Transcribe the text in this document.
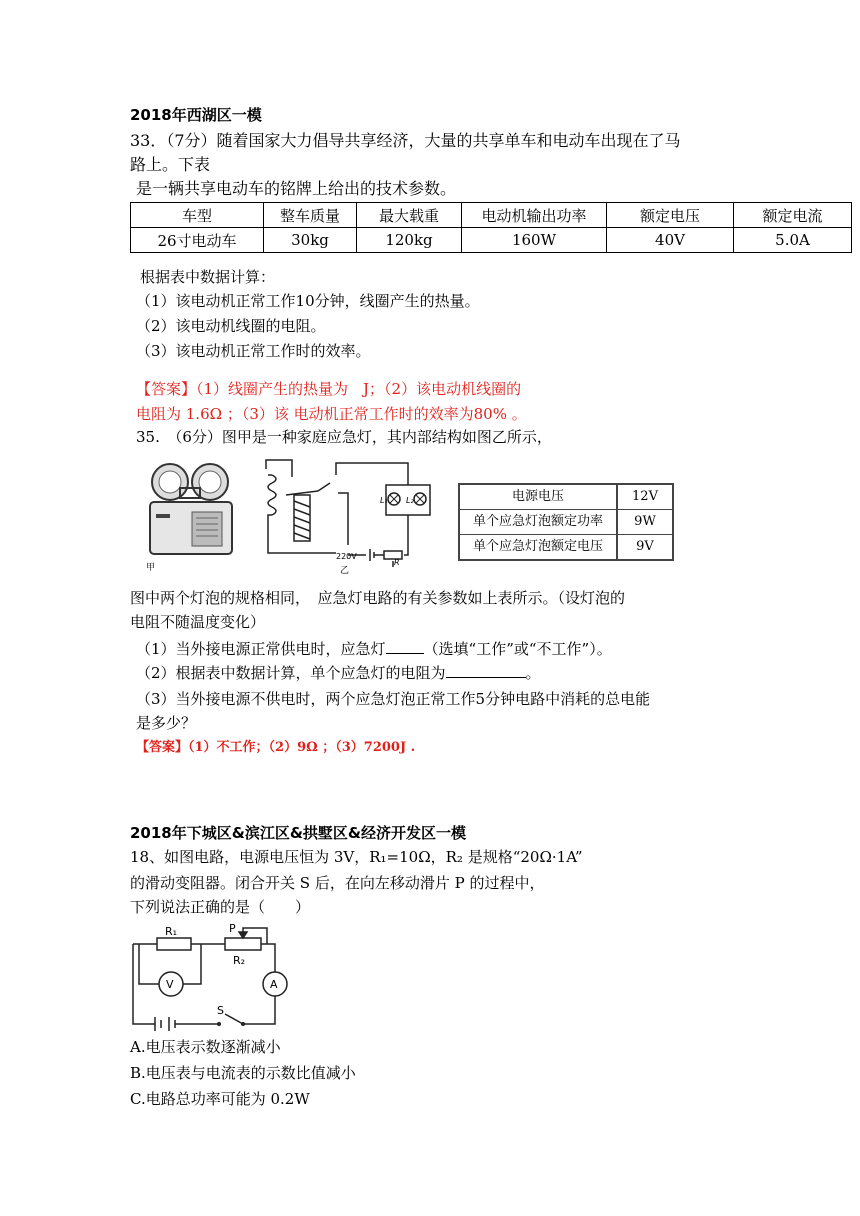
2018年西湖区一模
33．（7分）随着国家大力倡导共享经济，大量的共享单车和电动车出现在了马
路上。下表
是一辆共享电动车的铭牌上给出的技术参数。
车型	整车质量	最大载重	电动机输出功率	额定电压	额定电流
26寸电动车	30kg	120kg	160W	40V	5.0A
根据表中数据计算：
（1）该电动机正常工作10分钟，线圈产生的热量。
（2）该电动机线圈的电阻。
（3）该电动机正常工作时的效率。
【答案】（1）线圈产生的热量为　J；（2）该电动机线圈的
电阻为 1.6Ω ；（3）该 电动机正常工作时的效率为80% 。
35.　（6分）图甲是一种家庭应急灯，其内部结构如图乙所示，
甲
L₁ L₂
220V
R
乙
电源电压	12V
单个应急灯泡额定功率	9W
单个应急灯泡额定电压	9V
图中两个灯泡的规格相同，　应急灯电路的有关参数如上表所示。（设灯泡的
电阻不随温度变化）
（1）当外接电源正常供电时，应急灯	（选填“工作”或“不工作”）。
（2）根据表中数据计算，单个应急灯的电阻为	。
（3）当外接电源不供电时，两个应急灯泡正常工作5分钟电路中消耗的总电能
是多少？
【答案】（1）不工作；（2）9Ω ；（3）7200J .
2018年下城区&滨江区&拱墅区&经济开发区一模
18、如图电路，电源电压恒为 3V，R₁=10Ω，R₂ 是规格“20Ω·1A”
的滑动变阻器。闭合开关 S 后，在向左移动滑片 P 的过程中，
下列说法正确的是（　　）
R₁
R₂
P
V	A
S
A.电压表示数逐渐减小
B.电压表与电流表的示数比值减小
C.电路总功率可能为 0.2W
